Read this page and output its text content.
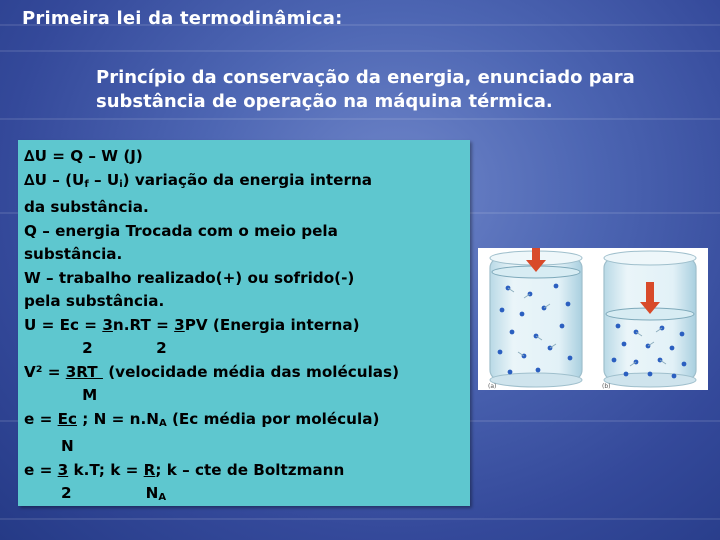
Primeira lei da termodinâmica:
Princípio da conservação da energia, enunciado para substância de operação na máquina térmica.
∆U = Q – W (J)
$\Delta U - (U_f - U_i)$ variação da energia interna
da substância.
Q – energia Trocada com o meio pela
substância.
W – trabalho realizado(+) ou sofrido(-)
pela substância.
U = Ec = 3n.RT = 3PV (Energia interna)
2            2
V² = 3RT  (velocidade média das moléculas)
M
e = Ec ; $N = n.N_A$ (Ec média por molécula)
N
e = 3 k.T; k = R; k – cte de Boltzmann
2              $N_A$
(a)	(b)
